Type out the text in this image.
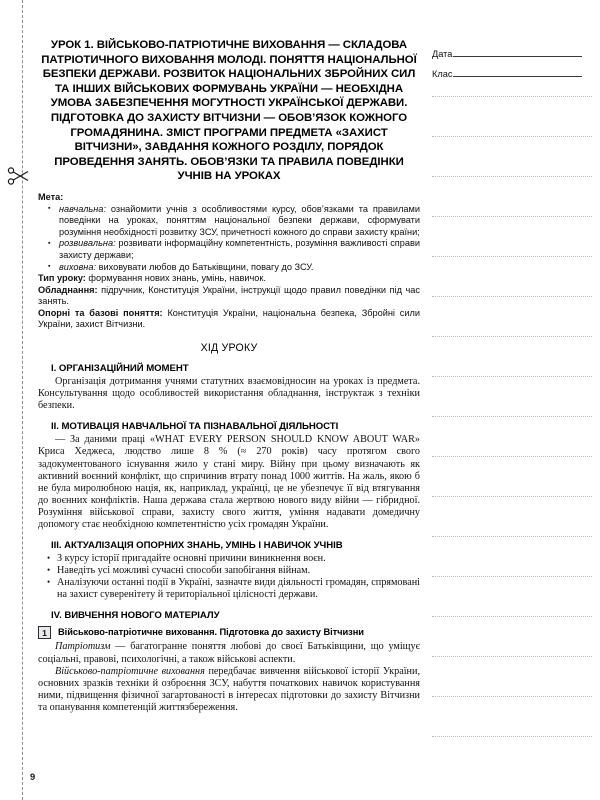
УРОК 1. ВІЙСЬКОВО-ПАТРІОТИЧНЕ ВИХОВАННЯ — СКЛАДОВА ПАТРІОТИЧНОГО ВИХОВАННЯ МОЛОДІ. ПОНЯТТЯ НАЦІОНАЛЬНОЇ БЕЗПЕКИ ДЕРЖАВИ. РОЗВИТОК НАЦІОНАЛЬНИХ ЗБРОЙНИХ СИЛ ТА ІНШИХ ВІЙСЬКОВИХ ФОРМУВАНЬ УКРАЇНИ — НЕОБХІДНА УМОВА ЗАБЕЗПЕЧЕННЯ МОГУТНОСТІ УКРАЇНСЬКОЇ ДЕРЖАВИ. ПІДГОТОВКА ДО ЗАХИСТУ ВІТЧИЗНИ — ОБОВ’ЯЗОК КОЖНОГО ГРОМАДЯНИНА. ЗМІСТ ПРОГРАМИ ПРЕДМЕТА «ЗАХИСТ ВІТЧИЗНИ», ЗАВДАННЯ КОЖНОГО РОЗДІЛУ, ПОРЯДОК ПРОВЕДЕННЯ ЗАНЯТЬ. ОБОВ’ЯЗКИ ТА ПРАВИЛА ПОВЕДІНКИ УЧНІВ НА УРОКАХ

Мета:

▪ навчальна: ознайомити учнів з особливостями курсу, обов’язками та правилами поведінки на уроках, поняттям національної безпеки держави, сформувати розуміння необхідності розвитку ЗСУ, причетності кожного до справи захисту країни;
▪ розвивальна: розвивати інформаційну компетентність, розуміння важливості справи захисту держави;
▪ виховна: виховувати любов до Батьківщини, повагу до ЗСУ.

Тип уроку: формування нових знань, умінь, навичок.

Обладнання: підручник, Конституція України, інструкції щодо правил поведінки під час занять.

Опорні та базові поняття: Конституція України, національна безпека, Збройні сили України, захист Вітчизни.

ХІД УРОКУ
I. ОРГАНІЗАЦІЙНИЙ МОМЕНТ

Організація дотримання учнями статутних взаємовідносин на уроках із предмета. Консультування щодо особливостей використання обладнання, інструктаж з техніки безпеки.

II. МОТИВАЦІЯ НАВЧАЛЬНОЇ ТА ПІЗНАВАЛЬНОЇ ДІЯЛЬНОСТІ

— За даними праці «WHAT EVERY PERSON SHOULD KNOW ABOUT WAR» Криса Хеджеса, людство лише 8 % (≈ 270 років) часу протягом свого задокументованого існування жило у стані миру. Війну при цьому визначають як активний воєнний конфлікт, що спричинив втрату понад 1000 життів. На жаль, якою б не була миролюбною нація, як, наприклад, українці, це не убезпечує її від втягування до воєнних конфліктів. Наша держава стала жертвою нового виду війни — гібридної. Розуміння військової справи, захисту свого життя, уміння надавати домедичну допомогу стає необхідною компетентністю усіх громадян України.

III. АКТУАЛІЗАЦІЯ ОПОРНИХ ЗНАНЬ, УМІНЬ І НАВИЧОК УЧНІВ
• З курсу історії пригадайте основні причини виникнення воєн.
• Наведіть усі можливі сучасні способи запобігання війнам.
• Аналізуючи останні події в Україні, зазначте види діяльності громадян, спрямовані на захист суверенітету й територіальної цілісності держави.
IV. ВИВЧЕННЯ НОВОГО МАТЕРІАЛУ
1	Військово-патріотичне виховання. Підготовка до захисту Вітчизни

Патріотизм — багатогранне поняття любові до своєї Батьківщини, що уміщує соціальні, правові, психологічні, а також військові аспекти.

Військово-патріотичне виховання передбачає вивчення військової історії України, основних зразків техніки й озброєння ЗСУ, набуття початкових навичок користування ними, підвищення фізичної загартованості в інтересах підготовки до захисту Вітчизни та опанування компетенцій життязбереження.

Дата
Клас
9
